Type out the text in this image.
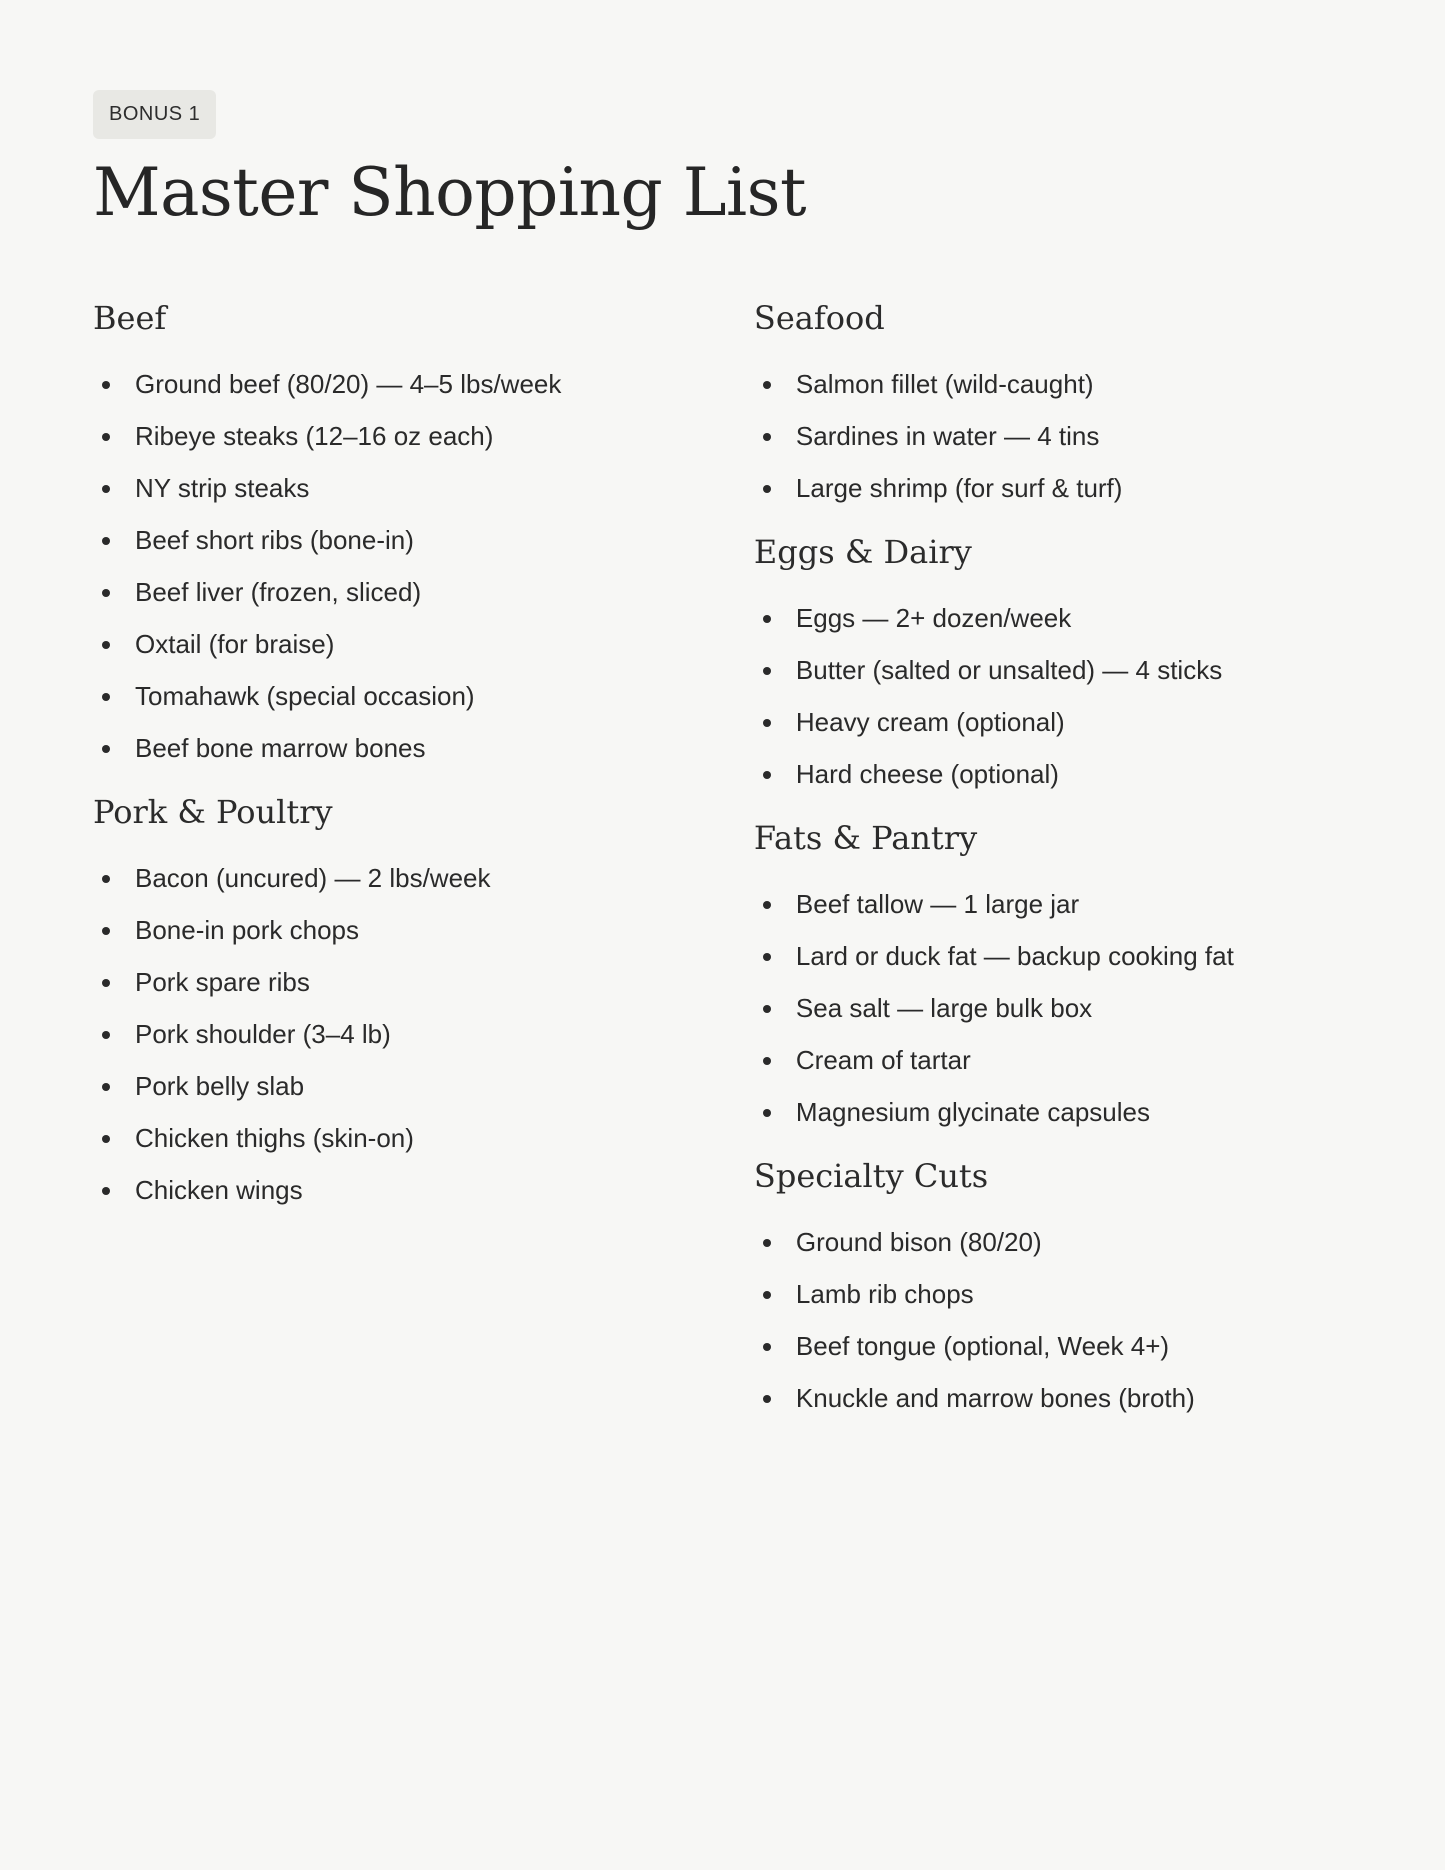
BONUS 1
Master Shopping List
Beef
Ground beef (80/20) — 4–5 lbs/week
Ribeye steaks (12–16 oz each)
NY strip steaks
Beef short ribs (bone-in)
Beef liver (frozen, sliced)
Oxtail (for braise)
Tomahawk (special occasion)
Beef bone marrow bones
Pork & Poultry
Bacon (uncured) — 2 lbs/week
Bone-in pork chops
Pork spare ribs
Pork shoulder (3–4 lb)
Pork belly slab
Chicken thighs (skin-on)
Chicken wings
Seafood
Salmon fillet (wild-caught)
Sardines in water — 4 tins
Large shrimp (for surf & turf)
Eggs & Dairy
Eggs — 2+ dozen/week
Butter (salted or unsalted) — 4 sticks
Heavy cream (optional)
Hard cheese (optional)
Fats & Pantry
Beef tallow — 1 large jar
Lard or duck fat — backup cooking fat
Sea salt — large bulk box
Cream of tartar
Magnesium glycinate capsules
Specialty Cuts
Ground bison (80/20)
Lamb rib chops
Beef tongue (optional, Week 4+)
Knuckle and marrow bones (broth)
